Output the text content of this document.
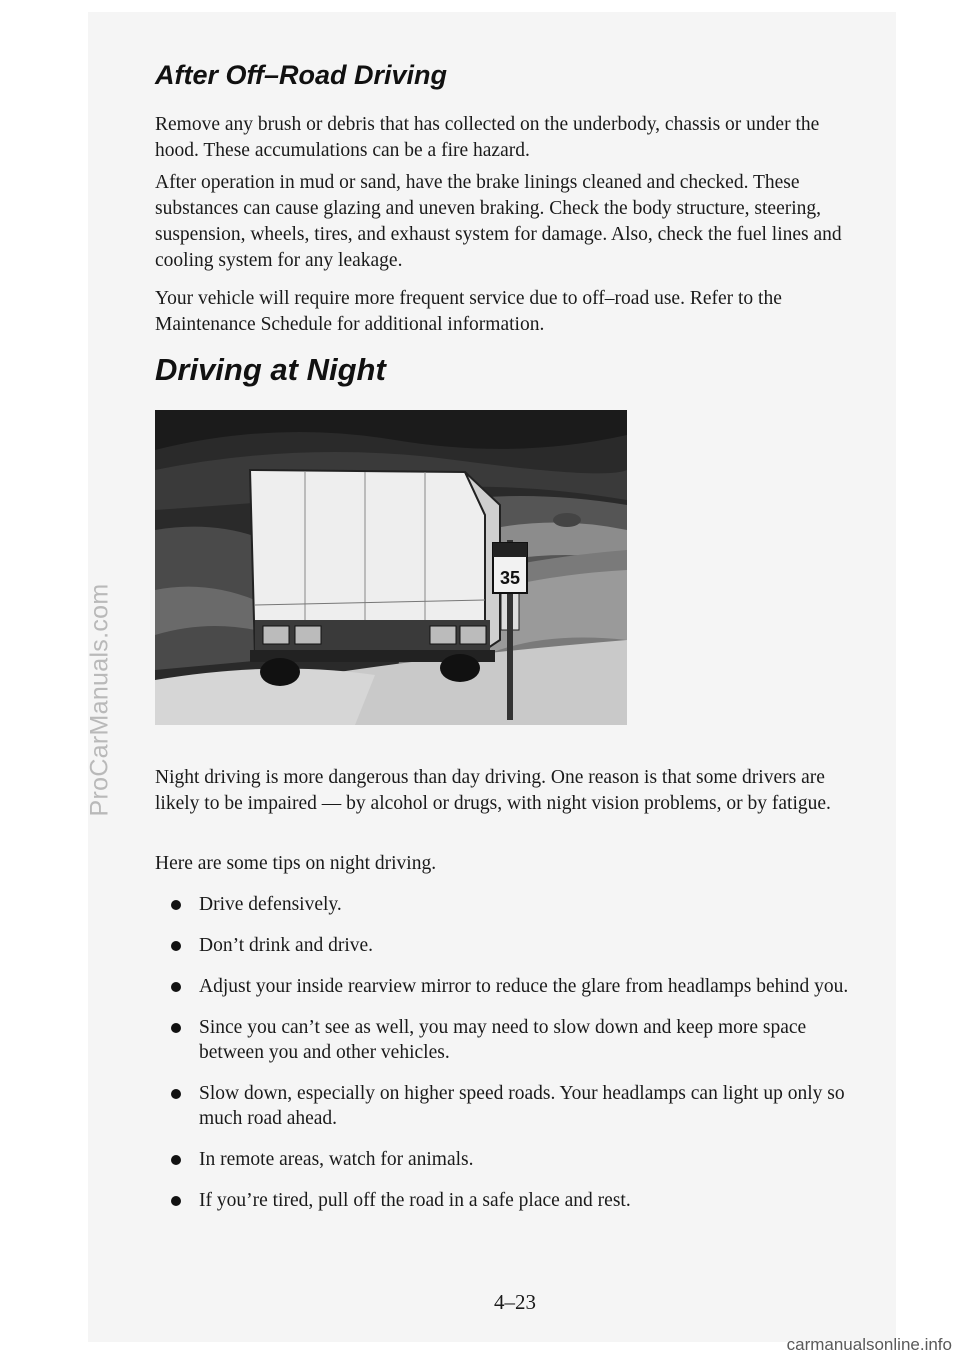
ProCarManuals.com
After Off–Road Driving

Remove any brush or debris that has collected on the underbody, chassis or under the hood. These accumulations can be a fire hazard.

After operation in mud or sand, have the brake linings cleaned and checked. These substances can cause glazing and uneven braking. Check the body structure, steering, suspension, wheels, tires, and exhaust system for damage. Also, check the fuel lines and cooling system for any leakage.

Your vehicle will require more frequent service due to off–road use. Refer to the Maintenance Schedule for additional information.

Driving at Night

Night driving is more dangerous than day driving. One reason is that some drivers are likely to be impaired — by alcohol or drugs, with night vision problems, or by fatigue.

Here are some tips on night driving.

Drive defensively.
Don’t drink and drive.
Adjust your inside rearview mirror to reduce the glare from headlamps behind you.
Since you can’t see as well, you may need to slow down and keep more space between you and other vehicles.
Slow down, especially on higher speed roads. Your headlamps can light up only so much road ahead.
In remote areas, watch for animals.
If you’re tired, pull off the road in a safe place and rest.
4–23
35
carmanualsonline.info
